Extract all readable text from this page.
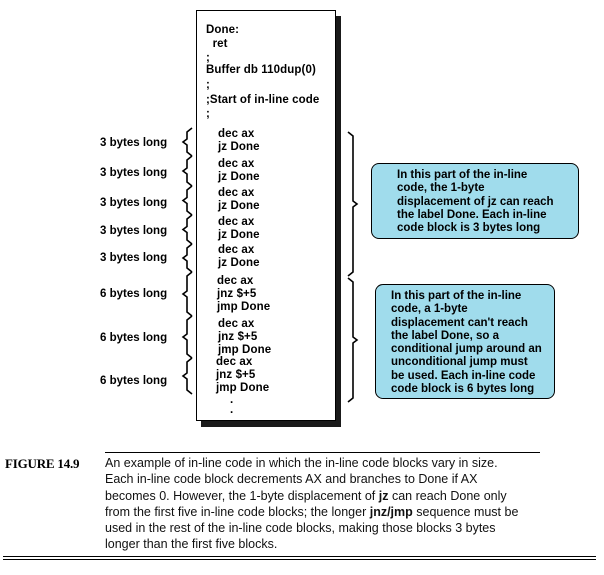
Done:
ret
;
Buffer db 110dup(0)
;
;Start of in-line code
;
dec ax
jz Done
dec ax
jz Done
dec ax
jz Done
dec ax
jz Done
dec ax
jz Done
dec ax
jnz $+5
jmp Done
dec ax
jnz $+5
jmp Done
dec ax
jnz $+5
jmp Done
.
.
3 bytes long
3 bytes long
3 bytes long
3 bytes long
3 bytes long
6 bytes long
6 bytes long
6 bytes long

In this part of the in-line

code, the 1-byte

displacement of jz can reach

the label Done. Each in-line

code block is 3 bytes long

In this part of the in-line

code, a 1-byte

displacement can't reach

the label Done, so a

conditional jump around an

unconditional jump must

be used. Each in-line code

code block is 6 bytes long

FIGURE 14.9 An example of in-line code in which the in-line code blocks vary in size.
Each in-line code block decrements AX and branches to Done if AX
becomes 0. However, the 1-byte displacement of jz can reach Done only
from the first five in-line code blocks; the longer jnz/jmp sequence must be
used in the rest of the in-line code blocks, making those blocks 3 bytes
longer than the first five blocks.
